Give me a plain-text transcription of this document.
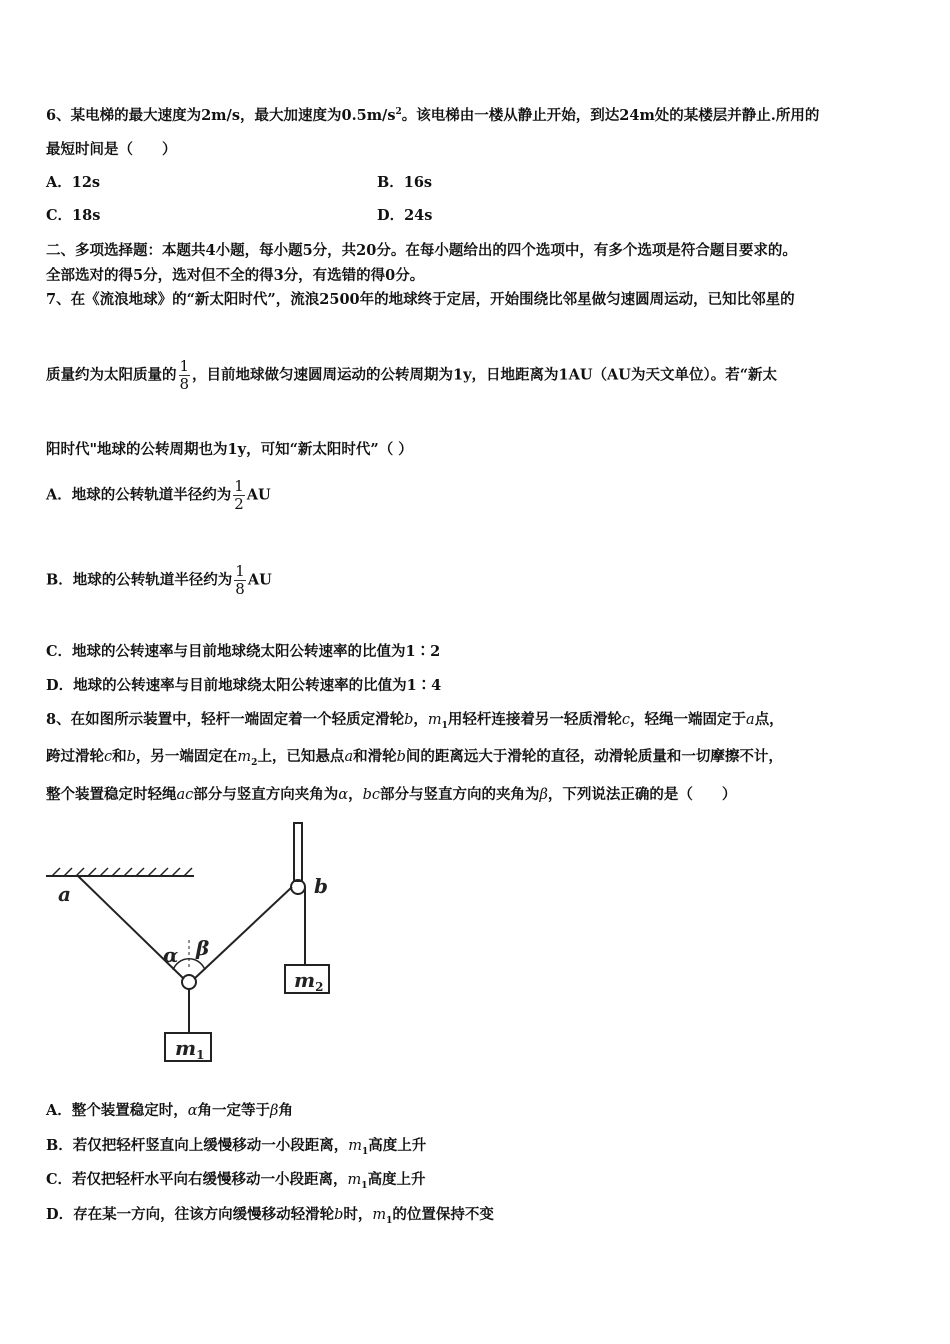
6、某电梯的最大速度为2m/s，最大加速度为$0.5m/s^2$。该电梯由一楼从静止开始，到达24m处的某楼层并静止.所用的
最短时间是（　　）
A．12s	B．16s
C．18s	D．24s
二、多项选择题：本题共4小题，每小题5分，共20分。在每小题给出的四个选项中，有多个选项是符合题目要求的。
全部选对的得5分，选对但不全的得3分，有选错的得0分。
7、在《流浪地球》的“新太阳时代”，流浪2500年的地球终于定居，开始围绕比邻星做匀速圆周运动，已知比邻星的
质量约为太阳质量的 $\frac{1}{8}$ ，目前地球做匀速圆周运动的公转周期为1y，日地距离为1AU（AU为天文单位）。若“新太
阳时代"地球的公转周期也为1y，可知“新太阳时代”（ ）
A．地球的公转轨道半径约为 $\frac{1}{2}$ AU
B．地球的公转轨道半径约为 $\frac{1}{8}$ AU
C．地球的公转速率与目前地球绕太阳公转速率的比值为1∶2
D．地球的公转速率与目前地球绕太阳公转速率的比值为1∶4
8、在如图所示装置中，轻杆一端固定着一个轻质定滑轮b，$m_1$用轻杆连接着另一轻质滑轮c，轻绳一端固定于a点，
跨过滑轮c和b，另一端固定在$m_2$上，已知悬点a和滑轮b间的距离远大于滑轮的直径，动滑轮质量和一切摩擦不计，
整个装置稳定时轻绳ac部分与竖直方向夹角为α，bc部分与竖直方向的夹角为β，下列说法正确的是（　　）
a	b
α β
$m_1$
$m_2$
A．整个装置稳定时，α角一定等于β角
B．若仅把轻杆竖直向上缓慢移动一小段距离，$m_1$高度上升
C．若仅把轻杆水平向右缓慢移动一小段距离，$m_1$高度上升
D．存在某一方向，往该方向缓慢移动轻滑轮b时，$m_1$的位置保持不变
